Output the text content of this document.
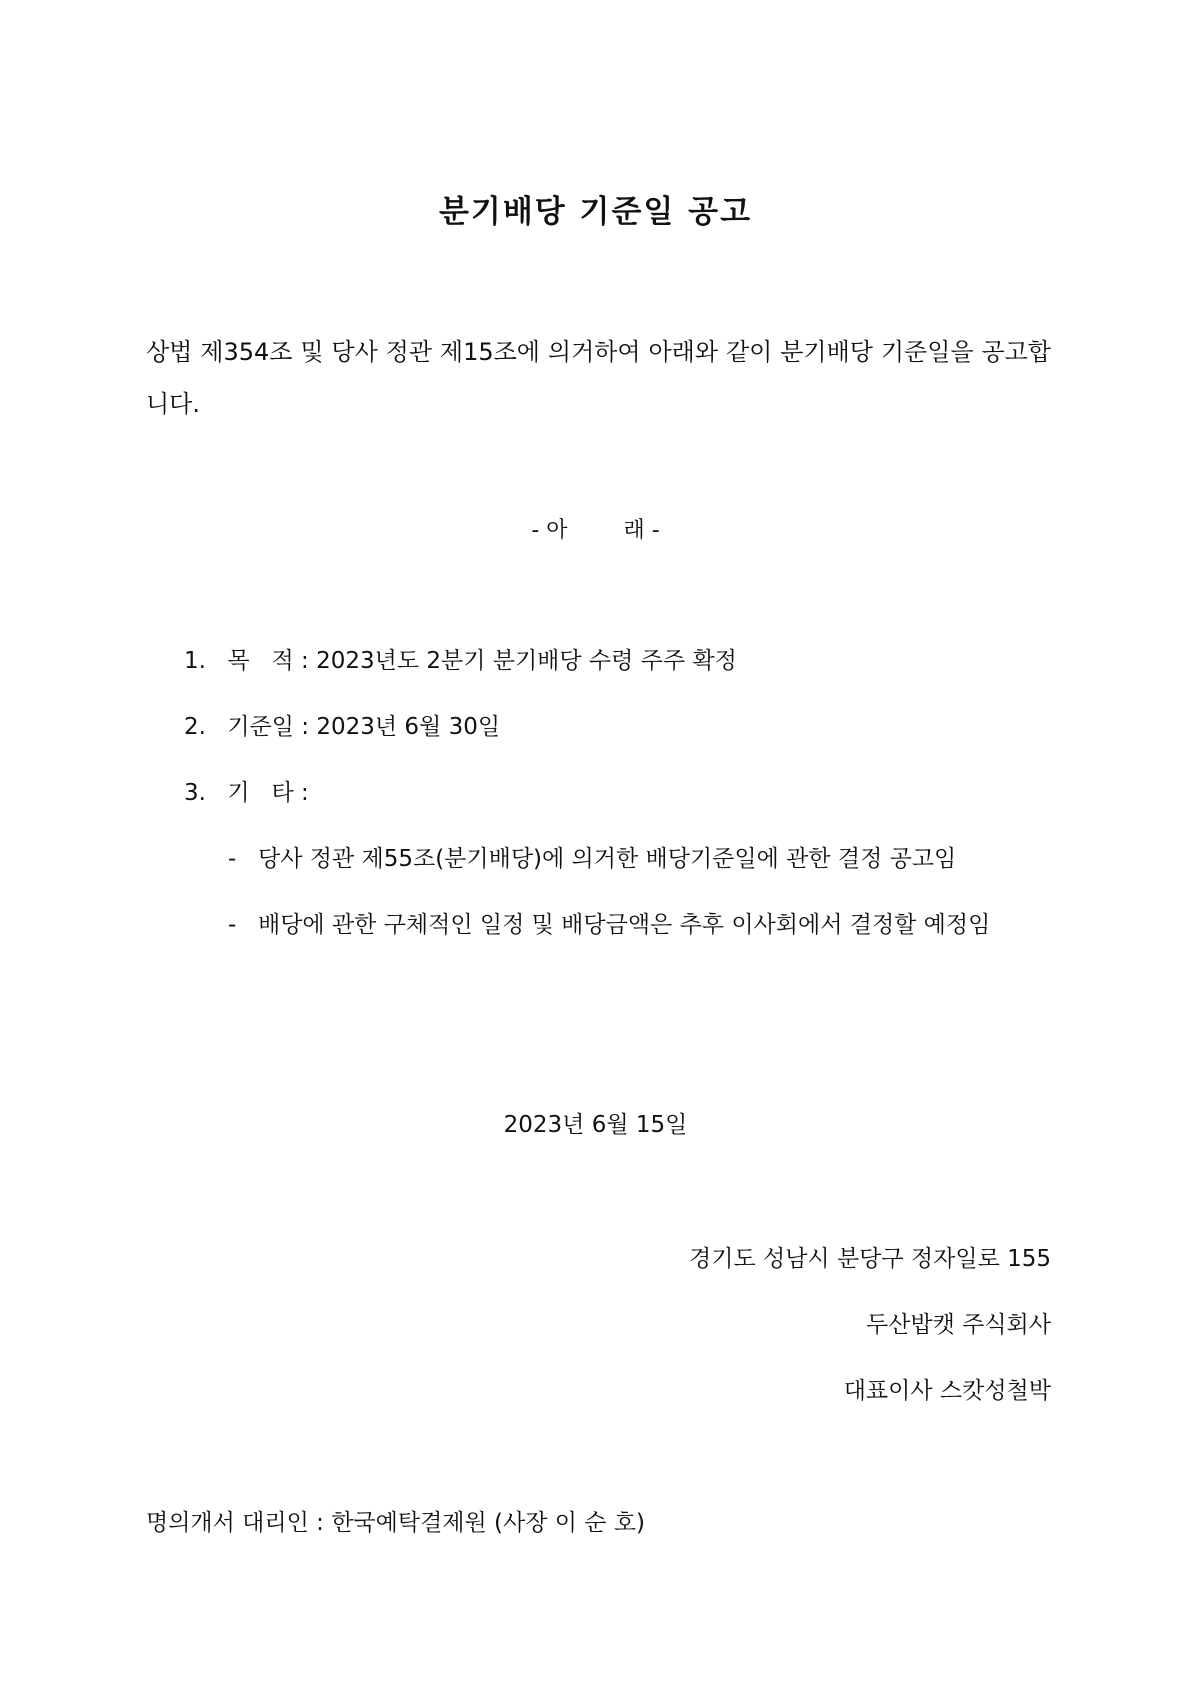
분기배당 기준일 공고
상법 제354조 및 당사 정관 제15조에 의거하여 아래와 같이 분기배당 기준일을 공고합
니다.
- 아	래 -
1. 목   적 : 2023년도 2분기 분기배당 수령 주주 확정
2. 기준일 : 2023년 6월 30일
3. 기   타 :
- 당사 정관 제55조(분기배당)에 의거한 배당기준일에 관한 결정 공고임
- 배당에 관한 구체적인 일정 및 배당금액은 추후 이사회에서 결정할 예정임
2023년 6월 15일
경기도 성남시 분당구 정자일로 155
두산밥캣 주식회사
대표이사 스캇성철박
명의개서 대리인 : 한국예탁결제원 (사장 이 순 호)
